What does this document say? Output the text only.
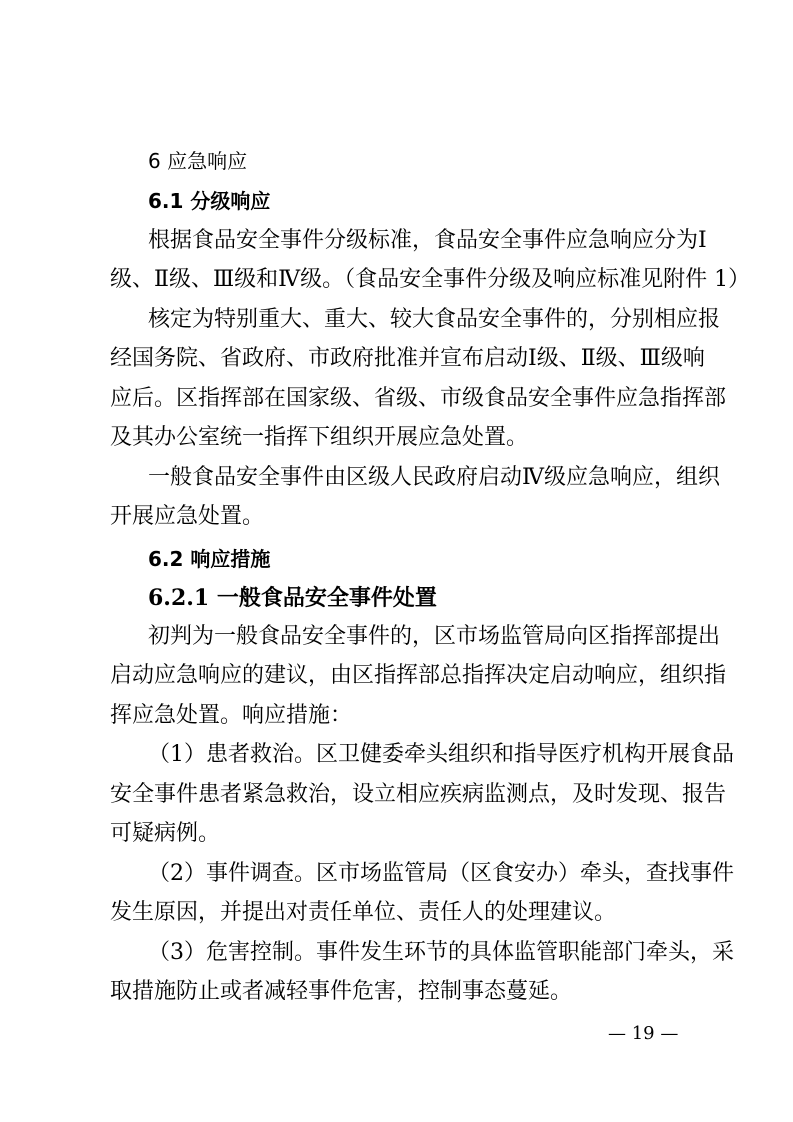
6 应急响应
6.1 分级响应
根据食品安全事件分级标准，食品安全事件应急响应分为Ⅰ
级、Ⅱ级、Ⅲ级和Ⅳ级。（食品安全事件分级及响应标准见附件 1）
核定为特别重大、重大、较大食品安全事件的，分别相应报
经国务院、省政府、市政府批准并宣布启动Ⅰ级、Ⅱ级、Ⅲ级响
应后。区指挥部在国家级、省级、市级食品安全事件应急指挥部
及其办公室统一指挥下组织开展应急处置。
一般食品安全事件由区级人民政府启动Ⅳ级应急响应，组织
开展应急处置。
6.2 响应措施
6.2.1 一般食品安全事件处置
初判为一般食品安全事件的，区市场监管局向区指挥部提出
启动应急响应的建议，由区指挥部总指挥决定启动响应，组织指
挥应急处置。响应措施：
（1）患者救治。区卫健委牵头组织和指导医疗机构开展食品
安全事件患者紧急救治，设立相应疾病监测点，及时发现、报告
可疑病例。
（2）事件调查。区市场监管局（区食安办）牵头，查找事件
发生原因，并提出对责任单位、责任人的处理建议。
（3）危害控制。事件发生环节的具体监管职能部门牵头，采
取措施防止或者减轻事件危害，控制事态蔓延。
— 19 —
